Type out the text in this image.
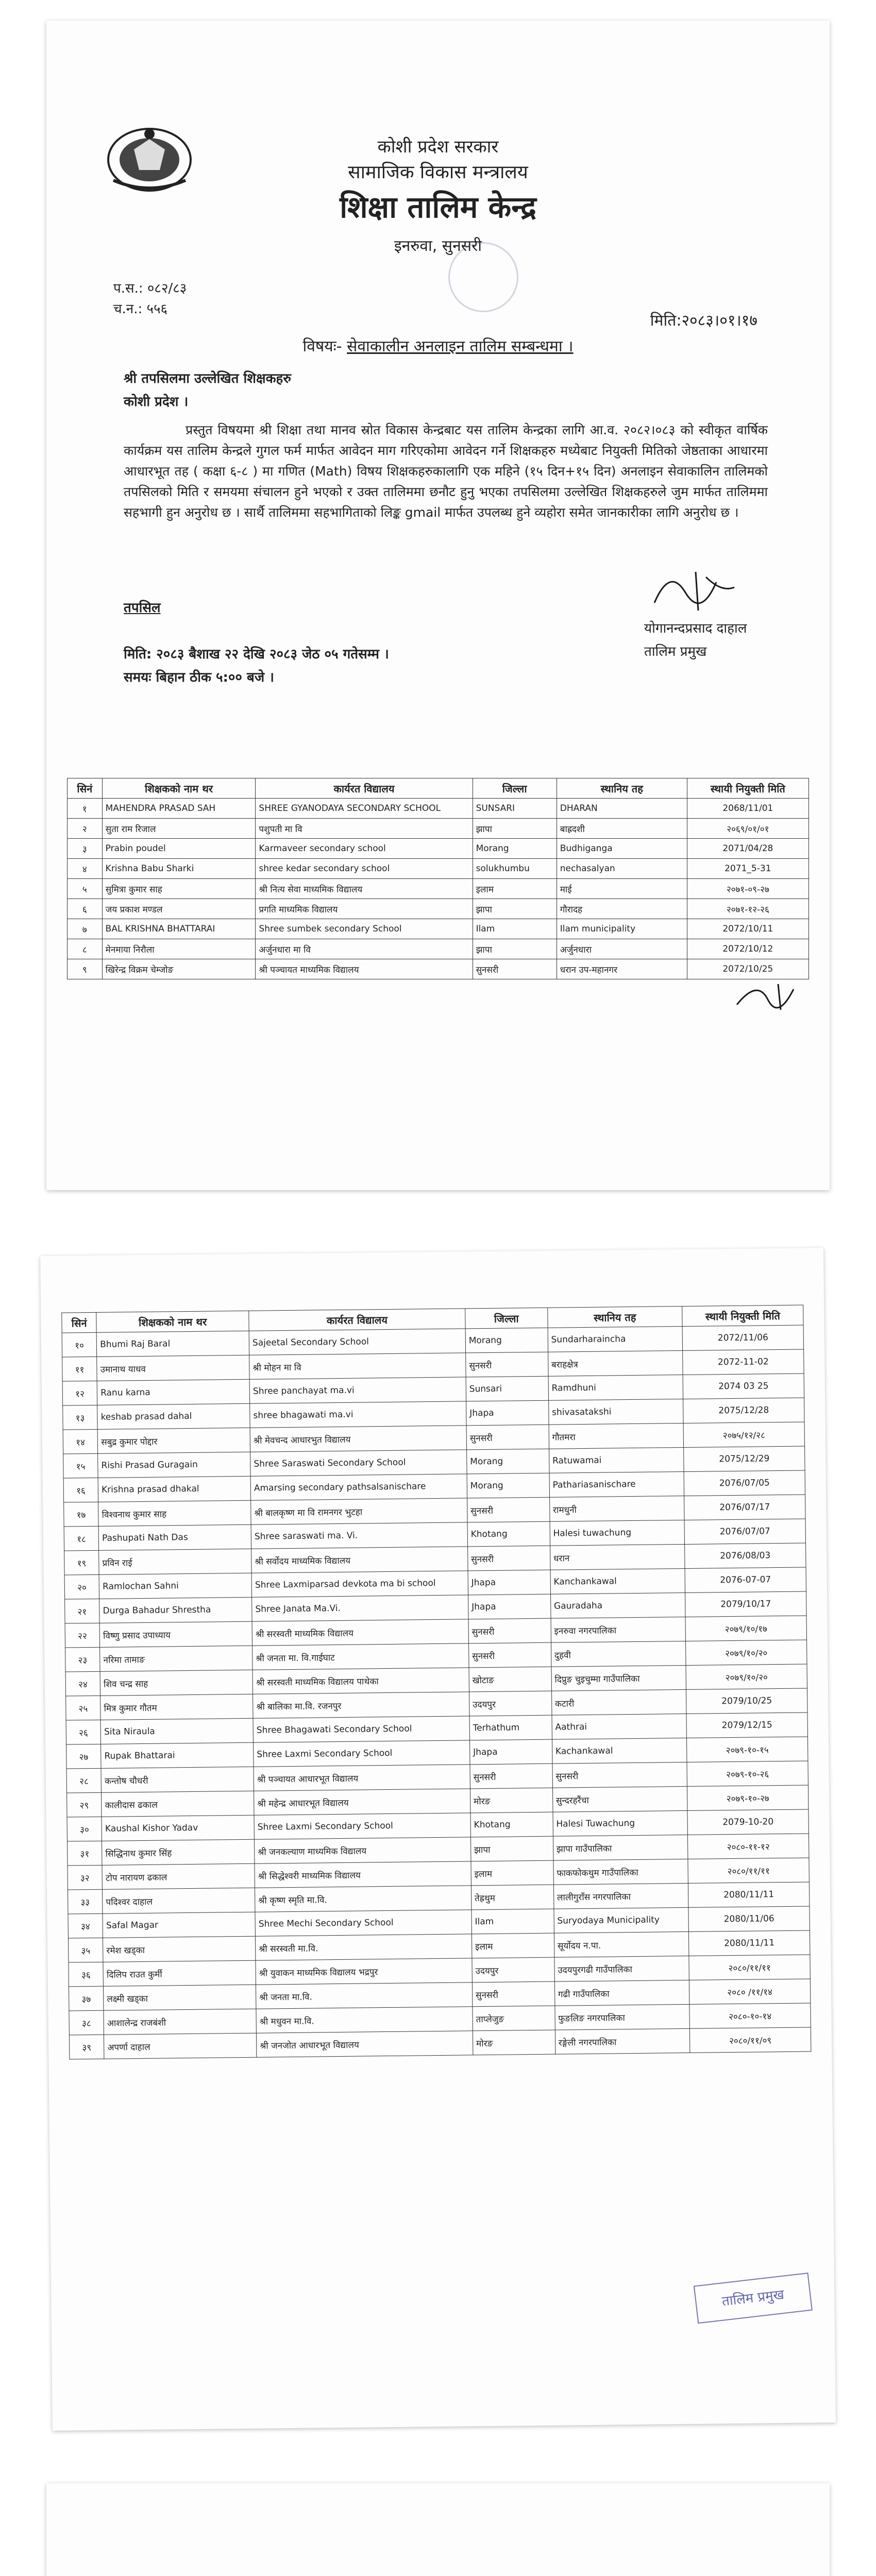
कोशी प्रदेश सरकार
सामाजिक विकास मन्त्रालय
शिक्षा तालिम केन्द्र
इनरुवा, सुनसरी
प.स.: ०८२/८३
च.न.: ५५६
मिति:२०८३।०१।१७
विषयः- सेवाकालीन अनलाइन तालिम सम्बन्धमा ।
श्री तपसिलमा उल्लेखित शिक्षकहरु
कोशी प्रदेश ।
प्रस्तुत विषयमा श्री शिक्षा तथा मानव स्रोत विकास केन्द्रबाट यस तालिम केन्द्रका लागि आ.व. २०८२।०८३ को स्वीकृत वार्षिक कार्यक्रम यस तालिम केन्द्रले गुगल फर्म मार्फत आवेदन माग गरिएकोमा आवेदन गर्ने शिक्षकहरु मध्येबाट नियुक्ती मितिको जेष्ठताका आधारमा आधारभूत तह ( कक्षा ६-८ ) मा गणित (Math) विषय शिक्षकहरुकालागि एक महिने (१५ दिन+१५ दिन) अनलाइन सेवाकालिन तालिमको तपसिलको मिति र समयमा संचालन हुने भएको र उक्त तालिममा छनौट हुनु भएका तपसिलमा उल्लेखित शिक्षकहरुले जुम मार्फत तालिममा सहभागी हुन अनुरोध छ । सार्थै तालिममा सहभागिताको लिङ्क gmail मार्फत उपलब्ध हुने व्यहोरा समेत जानकारीका लागि अनुरोध छ ।
तपसिल
योगानन्दप्रसाद दाहाल
तालिम प्रमुख
मिति: २०८३ बैशाख २२ देखि २०८३ जेठ ०५ गतेसम्म ।
समयः बिहान ठीक ५:०० बजे ।
सिनं	शिक्षकको नाम थर	कार्यरत विद्यालय	जिल्ला	स्थानिय तह	स्थायी नियुक्ती मिति
१	MAHENDRA PRASAD SAH	SHREE GYANODAYA SECONDARY SCHOOL	SUNSARI	DHARAN	2068/11/01
२	सुता राम रिजाल	पशुपती मा वि	झापा	बाह्रदशी	२०६९/०१/०१
३	Prabin poudel	Karmaveer secondary school	Morang	Budhiganga	2071/04/28
४	Krishna Babu Sharki	shree kedar secondary school	solukhumbu	nechasalyan	2071_5-31
५	सुमित्रा कुमार साह	श्री नित्य सेवा माध्यमिक विद्यालय	इलाम	माई	२०७१-०९-२७
६	जय प्रकाश मण्डल	प्रगति माध्यमिक विद्यालय	झापा	गौरादह	२०७१-१२-२६
७	BAL KRISHNA BHATTARAI	Shree sumbek secondary School	Ilam	Ilam municipality	2072/10/11
८	मेनमाया निरौला	अर्जुनधारा मा वि	झापा	अर्जुनधारा	2072/10/12
९	खिरेन्द्र विक्रम चेम्जोङ	श्री पञ्चायत माध्यमिक विद्यालय	सुनसरी	धरान उप-महानगर	2072/10/25
सिनं	शिक्षकको नाम थर	कार्यरत विद्यालय	जिल्ला	स्थानिय तह	स्थायी नियुक्ती मिति
१०	Bhumi Raj Baral	Sajeetal Secondary School	Morang	Sundarharaincha	2072/11/06
११	उमानाथ याधव	श्री मोहन मा वि	सुनसरी	बराहक्षेत्र	2072-11-02
१२	Ranu karna	Shree panchayat ma.vi	Sunsari	Ramdhuni	2074 03 25
१३	keshab prasad dahal	shree bhagawati ma.vi	Jhapa	shivasatakshi	2075/12/28
१४	सबुद्र कुमार पोद्दार	श्री मेवचन्द आधारभुत विद्यालय	सुनसरी	गौतमरा	२०७५/१२/२८
१५	Rishi Prasad Guragain	Shree Saraswati Secondary School	Morang	Ratuwamai	2075/12/29
१६	Krishna prasad dhakal	Amarsing secondary pathsalsanischare	Morang	Pathariasanischare	2076/07/05
१७	विश्वनाथ कुमार साह	श्री बालकृष्ण मा वि रामनगर भुटहा	सुनसरी	रामधुनी	2076/07/17
१८	Pashupati Nath Das	Shree saraswati ma. Vi.	Khotang	Halesi tuwachung	2076/07/07
१९	प्रविन राई	श्री सर्वोदय माध्यमिक विद्यालय	सुनसरी	धरान	2076/08/03
२०	Ramlochan Sahni	Shree Laxmiparsad devkota ma bi school	Jhapa	Kanchankawal	2076-07-07
२१	Durga Bahadur Shrestha	Shree Janata Ma.Vi.	Jhapa	Gauradaha	2079/10/17
२२	विष्णु प्रसाद उपाध्याय	श्री सरस्वती माध्यमिक विद्यालय	सुनसरी	इनरुवा नगरपालिका	२०७९/१०/१७
२३	नरिमा तामाङ	श्री जनता मा. वि.गाईघाट	सुनसरी	दुहवी	२०७९/१०/२०
२४	शिव चन्द्र साह	श्री सरस्वती माध्यमिक विद्यालय पाथेका	खोटाङ	दिप्रुङ चुइचुम्मा गाउँपालिका	२०७९/१०/२०
२५	मित्र कुमार गौतम	श्री बालिका मा.वि. रजनपुर	उदयपुर	कटारी	2079/10/25
२६	Sita Niraula	Shree Bhagawati Secondary School	Terhathum	Aathrai	2079/12/15
२७	Rupak Bhattarai	Shree Laxmi Secondary School	Jhapa	Kachankawal	२०७९-१०-१५
२८	कन्तोष चौधरी	श्री पञ्चायत आधारभूत विद्यालय	सुनसरी	सुनसरी	२०७९-१०-२६
२९	कालीदास ढकाल	श्री महेन्द्र आधारभूत विद्यालय	मोरङ	सुन्दरहरैंचा	२०७९-१०-२७
३०	Kaushal Kishor Yadav	Shree Laxmi Secondary School	Khotang	Halesi Tuwachung	2079-10-20
३१	सिद्धिनाथ कुमार सिंह	श्री जनकल्याण माध्यमिक विद्यालय	झापा	झापा गाउँपालिका	२०८०-११-१२
३२	टोप नारायण ढकाल	श्री सिद्धेश्वरी माध्यमिक विद्यालय	इलाम	फाकफोकथुम गाउँपालिका	२०८०/११/११
३३	पदिश्वर दाहाल	श्री कृष्ण स्मृति मा.वि.	तेह्रथुम	लालीगुराँस नगरपालिका	2080/11/11
३४	Safal Magar	Shree Mechi Secondary School	Ilam	Suryodaya Municipality	2080/11/06
३५	रमेश खड्का	श्री सरस्वती मा.वि.	इलाम	सूर्योदय न.पा.	2080/11/11
३६	दिलिप राउत कुर्मी	श्री युवाकन माध्यमिक विद्यालय भद्रपुर	उदयपुर	उदयपुरगढी गाउँपालिका	२०८०/११/११
३७	लक्ष्मी खड्का	श्री जनता मा.वि.	सुनसरी	गढी गाउँपालिका	२०८० /११/१४
३८	आशालेन्द्र राजबंशी	श्री मधुवन मा.वि.	ताप्लेजुङ	फुङलिङ नगरपालिका	२०८०-१०-१४
३९	अपर्णा दाहाल	श्री जनजोत आधारभूत विद्यालय	मोरङ	रङ्गेली नगरपालिका	२०८०/११/०९
तालिम प्रमुख
